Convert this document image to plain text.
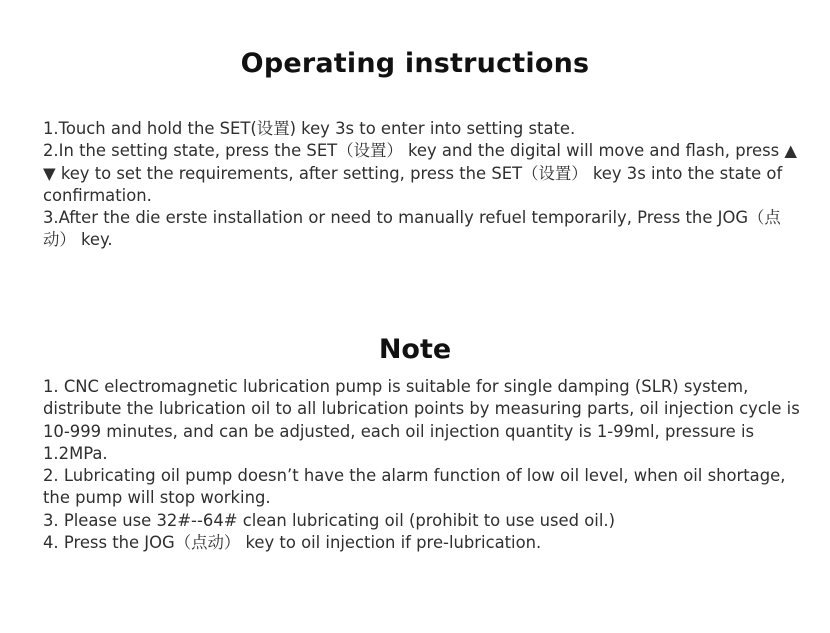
Operating instructions

1.Touch and hold the SET(设置) key 3s to enter into setting state.

2.In the setting state, press the SET（设置） key and the digital will move and flash, press ▲ ▼ key to set the requirements, after setting, press the SET（设置） key 3s into the state of confirmation.

3.After the die erste installation or need to manually refuel temporarily, Press the JOG（点动） key.

Note

1. CNC electromagnetic lubrication pump is suitable for single damping (SLR) system, distribute the lubrication oil to all lubrication points by measuring parts, oil injection cycle is 10-999 minutes, and can be adjusted, each oil injection quantity is 1-99ml, pressure is 1.2MPa.

2. Lubricating oil pump doesn’t have the alarm function of low oil level, when oil shortage, the pump will stop working.

3. Please use 32#--64# clean lubricating oil (prohibit to use used oil.)

4. Press the JOG（点动） key to oil injection if pre-lubrication.
